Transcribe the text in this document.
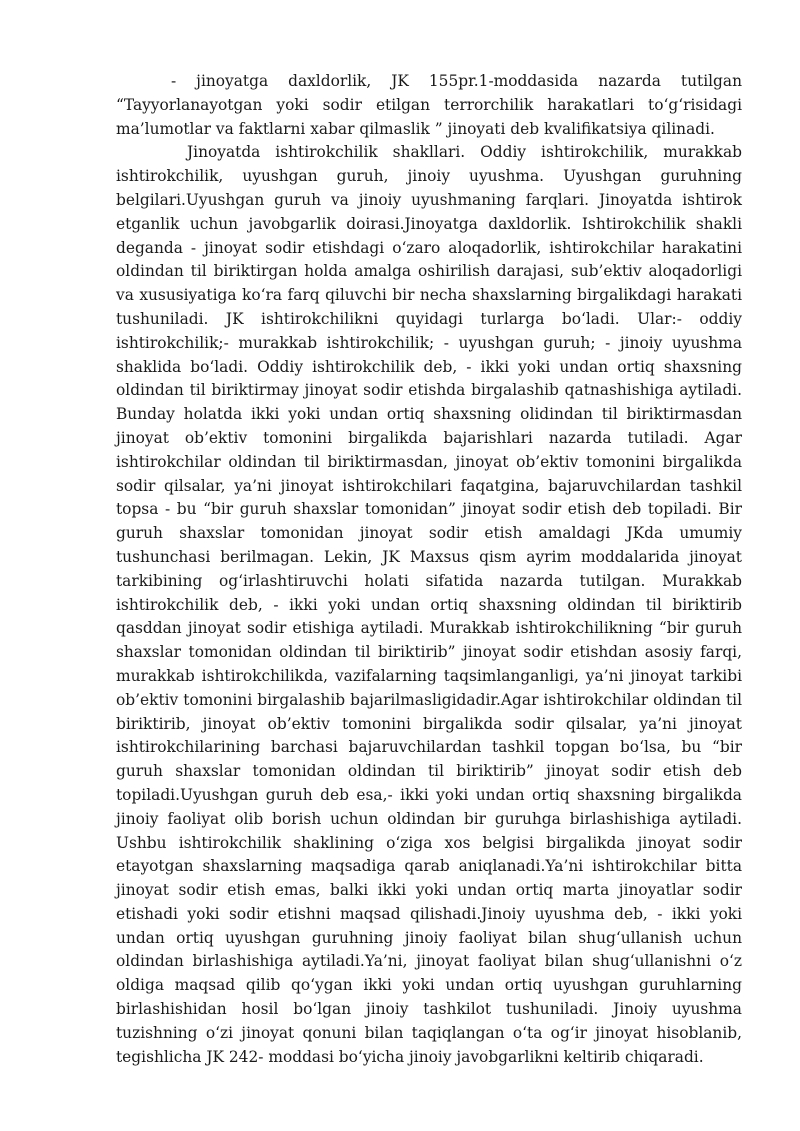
- jinoyatga daxldorlik, JK 155pr.1-moddasida nazarda tutilgan “Tayyorlanayotgan yoki sodir etilgan terrorchilik harakatlari to‘g‘risidagi ma’lumotlar va faktlarni xabar qilmaslik ” jinoyati deb kvalifikatsiya qilinadi.

Jinoyatda ishtirokchilik shakllari. Oddiy ishtirokchilik, murakkab ishtirokchilik, uyushgan guruh, jinoiy uyushma. Uyushgan guruhning belgilari.Uyushgan guruh va jinoiy uyushmaning farqlari. Jinoyatda ishtirok etganlik uchun javobgarlik doirasi.Jinoyatga daxldorlik. Ishtirokchilik shakli deganda - jinoyat sodir etishdagi o‘zaro aloqadorlik, ishtirokchilar harakatini oldindan til biriktirgan holda amalga oshirilish darajasi, sub’ektiv aloqadorligi va xususiyatiga ko‘ra farq qiluvchi bir necha shaxslarning birgalikdagi harakati tushuniladi. JK ishtirokchilikni quyidagi turlarga bo‘ladi. Ular:- oddiy ishtirokchilik;- murakkab ishtirokchilik; - uyushgan guruh; - jinoiy uyushma shaklida bo‘ladi. Oddiy ishtirokchilik deb, - ikki yoki undan ortiq shaxsning oldindan til biriktirmay jinoyat sodir etishda birgalashib qatnashishiga aytiladi. Bunday holatda ikki yoki undan ortiq shaxsning olidindan til biriktirmasdan jinoyat ob’ektiv tomonini birgalikda bajarishlari nazarda tutiladi. Agar ishtirokchilar oldindan til biriktirmasdan, jinoyat ob’ektiv tomonini birgalikda sodir qilsalar, ya’ni jinoyat ishtirokchilari faqatgina, bajaruvchilardan tashkil topsa - bu “bir guruh shaxslar tomonidan” jinoyat sodir etish deb topiladi. Bir guruh shaxslar tomonidan jinoyat sodir etish amaldagi JKda umumiy tushunchasi berilmagan. Lekin, JK Maxsus qism ayrim moddalarida jinoyat tarkibining og‘irlashtiruvchi holati sifatida nazarda tutilgan. Murakkab ishtirokchilik deb, - ikki yoki undan ortiq shaxsning oldindan til biriktirib qasddan jinoyat sodir etishiga aytiladi. Murakkab ishtirokchilikning “bir guruh shaxslar tomonidan oldindan til biriktirib” jinoyat sodir etishdan asosiy farqi, murakkab ishtirokchilikda, vazifalarning taqsimlanganligi, ya’ni jinoyat tarkibi ob’ektiv tomonini birgalashib bajarilmasligidadir.Agar ishtirokchilar oldindan til biriktirib, jinoyat ob’ektiv tomonini birgalikda sodir qilsalar, ya’ni jinoyat ishtirokchilarining barchasi bajaruvchilardan tashkil topgan bo‘lsa, bu “bir guruh shaxslar tomonidan oldindan til biriktirib” jinoyat sodir etish deb topiladi.Uyushgan guruh deb esa,- ikki yoki undan ortiq shaxsning birgalikda jinoiy faoliyat olib borish uchun oldindan bir guruhga birlashishiga aytiladi. Ushbu ishtirokchilik shaklining o‘ziga xos belgisi birgalikda jinoyat sodir etayotgan shaxslarning maqsadiga qarab aniqlanadi.Ya’ni ishtirokchilar bitta jinoyat sodir etish emas, balki ikki yoki undan ortiq marta jinoyatlar sodir etishadi yoki sodir etishni maqsad qilishadi.Jinoiy uyushma deb, - ikki yoki undan ortiq uyushgan guruhning jinoiy faoliyat bilan shug‘ullanish uchun oldindan birlashishiga aytiladi.Ya’ni, jinoyat faoliyat bilan shug‘ullanishni o‘z oldiga maqsad qilib qo‘ygan ikki yoki undan ortiq uyushgan guruhlarning birlashishidan hosil bo‘lgan jinoiy tashkilot tushuniladi. Jinoiy uyushma tuzishning o‘zi jinoyat qonuni bilan taqiqlangan o‘ta og‘ir jinoyat hisoblanib, tegishlicha JK 242- moddasi bo‘yicha jinoiy javobgarlikni keltirib chiqaradi.
